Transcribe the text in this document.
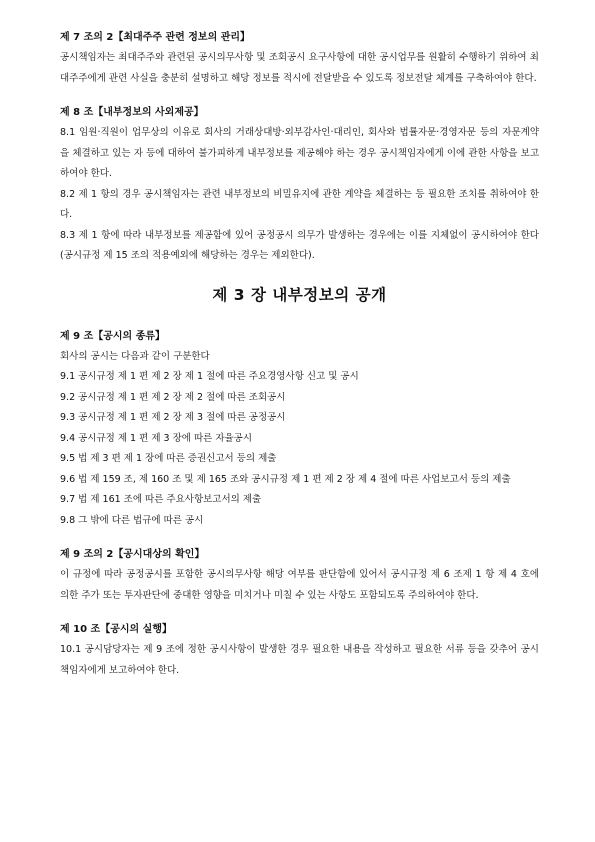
제 7 조의 2【최대주주 관련 정보의 관리】

공시책임자는 최대주주와 관련된 공시의무사항 및 조회공시 요구사항에 대한 공시업무를 원활히 수행하기 위하여 최대주주에게 관련 사실을 충분히 설명하고 해당 정보를 적시에 전달받을 수 있도록 정보전달 체계를 구축하여야 한다.

제 8 조【내부정보의 사외제공】

8.1 임원·직원이 업무상의 이유로 회사의 거래상대방·외부감사인·대리인, 회사와 법률자문·경영자문 등의 자문계약을 체결하고 있는 자 등에 대하여 불가피하게 내부정보를 제공해야 하는 경우 공시책임자에게 이에 관한 사항을 보고하여야 한다.

8.2 제 1 항의 경우 공시책임자는 관련 내부정보의 비밀유지에 관한 계약을 체결하는 등 필요한 조치를 취하여야 한다.

8.3 제 1 항에 따라 내부정보를 제공함에 있어 공정공시 의무가 발생하는 경우에는 이를 지체없이 공시하여야 한다(공시규정 제 15 조의 적용예외에 해당하는 경우는 제외한다).

제 3 장 내부정보의 공개
제 9 조【공시의 종류】

회사의 공시는 다음과 같이 구분한다

9.1 공시규정 제 1 편 제 2 장 제 1 절에 따른 주요경영사항 신고 및 공시

9.2 공시규정 제 1 편 제 2 장 제 2 절에 따른 조회공시

9.3 공시규정 제 1 편 제 2 장 제 3 절에 따른 공정공시

9.4 공시규정 제 1 편 제 3 장에 따른 자율공시

9.5 법 제 3 편 제 1 장에 따른 증권신고서 등의 제출

9.6 법 제 159 조, 제 160 조 및 제 165 조와 공시규정 제 1 편 제 2 장 제 4 절에 따른 사업보고서 등의 제출

9.7 법 제 161 조에 따른 주요사항보고서의 제출

9.8 그 밖에 다른 법규에 따른 공시

제 9 조의 2【공시대상의 확인】

이 규정에 따라 공정공시를 포함한 공시의무사항 해당 여부를 판단함에 있어서 공시규정 제 6 조제 1 항 제 4 호에 의한 주가 또는 투자판단에 중대한 영향을 미치거나 미칠 수 있는 사항도 포함되도록 주의하여야 한다.

제 10 조【공시의 실행】

10.1 공시담당자는 제 9 조에 정한 공시사항이 발생한 경우 필요한 내용을 작성하고 필요한 서류 등을 갖추어 공시책임자에게 보고하여야 한다.
